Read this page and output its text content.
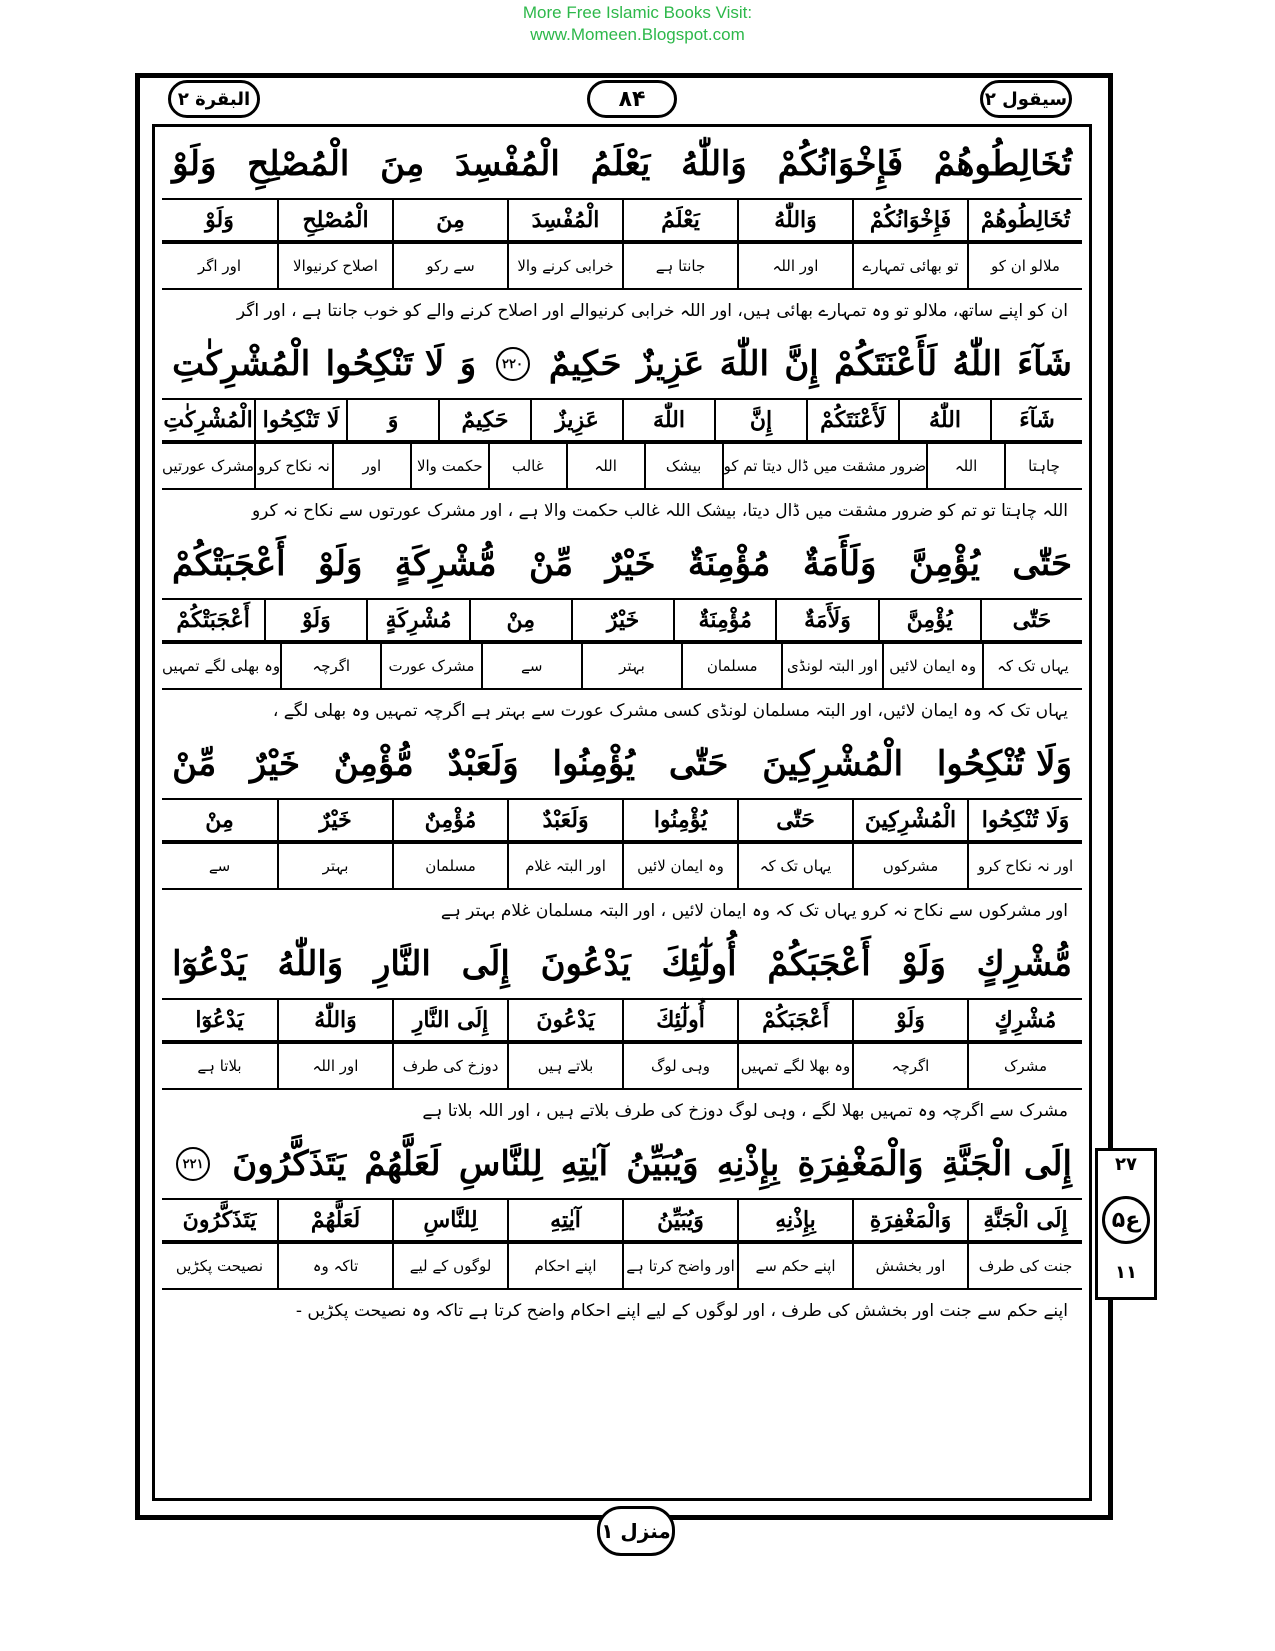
More Free Islamic Books Visit:
www.Momeen.Blogspot.com
البقرة ۲	۸۴	سیقول ۲
۲۷
ع۵
۱۱
منزل ۱
تُخَالِطُوهُمْ
فَإِخْوَانُكُمْ
وَاللّٰهُ
يَعْلَمُ
الْمُفْسِدَ
مِنَ
الْمُصْلِحِ
وَلَوْ
تُخَالِطُوهُمْ
فَإِخْوَانُكُمْ
وَاللّٰهُ
يَعْلَمُ
الْمُفْسِدَ
مِنَ
الْمُصْلِحِ
وَلَوْ
ملالو ان کو
تو بھائی تمہارے
اور اللہ
جانتا ہے
خرابی کرنے والا
سے رکو
اصلاح کرنیوالا
اور اگر
ان کو اپنے ساتھ، ملالو تو وہ تمہارے بھائی ہیں، اور اللہ خرابی کرنیوالے اور اصلاح کرنے والے کو خوب جانتا ہے ، اور اگر
شَآءَ
اللّٰهُ
لَأَعْنَتَكُمْ
إِنَّ
اللّٰهَ
عَزِيزٌ
حَكِيمٌ
۲۲۰
وَ
لَا تَنْكِحُوا
الْمُشْرِكٰتِ
شَآءَ
اللّٰهُ
لَأَعْنَتَكُمْ
إِنَّ
اللّٰهَ
عَزِيزٌ
حَكِيمٌ
وَ
لَا تَنْكِحُوا
الْمُشْرِكٰتِ
چاہتا
اللہ
ضرور مشقت میں ڈال دیتا تم کو
بیشک
اللہ
غالب
حکمت والا
اور
نہ نکاح کرو
مشرک عورتیں
اللہ چاہتا تو تم کو ضرور مشقت میں ڈال دیتا، بیشک اللہ غالب حکمت والا ہے ، اور مشرک عورتوں سے نکاح نہ کرو
حَتّٰى
يُؤْمِنَّ
وَلَأَمَةٌ
مُؤْمِنَةٌ
خَيْرٌ
مِّنْ
مُّشْرِكَةٍ
وَلَوْ
أَعْجَبَتْكُمْ
حَتّٰى
يُؤْمِنَّ
وَلَأَمَةٌ
مُؤْمِنَةٌ
خَيْرٌ
مِنْ
مُشْرِكَةٍ
وَلَوْ
أَعْجَبَتْكُمْ
یہاں تک کہ
وہ ایمان لائیں
اور البتہ لونڈی
مسلمان
بہتر
سے
مشرک عورت
اگرچہ
وہ بھلی لگے تمہیں
یہاں تک کہ وہ ایمان لائیں، اور البتہ مسلمان لونڈی کسی مشرک عورت سے بہتر ہے اگرچہ تمہیں وہ بھلی لگے ،
وَلَا تُنْكِحُوا
الْمُشْرِكِينَ
حَتّٰى
يُؤْمِنُوا
وَلَعَبْدٌ
مُّؤْمِنٌ
خَيْرٌ
مِّنْ
وَلَا تُنْكِحُوا
الْمُشْرِكِينَ
حَتّٰى
يُؤْمِنُوا
وَلَعَبْدٌ
مُؤْمِنٌ
خَيْرٌ
مِنْ
اور نہ نکاح کرو
مشرکوں
یہاں تک کہ
وہ ایمان لائیں
اور البتہ غلام
مسلمان
بہتر
سے
اور مشرکوں سے نکاح نہ کرو یہاں تک کہ وہ ایمان لائیں ، اور البتہ مسلمان غلام بہتر ہے
مُّشْرِكٍ
وَلَوْ
أَعْجَبَكُمْ
أُولٰٓئِكَ
يَدْعُونَ
إِلَى
النَّارِ
وَاللّٰهُ
يَدْعُوٓا
مُشْرِكٍ
وَلَوْ
أَعْجَبَكُمْ
أُولٰٓئِكَ
يَدْعُونَ
إِلَى النَّارِ
وَاللّٰهُ
يَدْعُوٓا
مشرک
اگرچہ
وہ بھلا لگے تمہیں
وہی لوگ
بلاتے ہیں
دوزخ کی طرف
اور اللہ
بلاتا ہے
مشرک سے اگرچہ وہ تمہیں بھلا لگے ، وہی لوگ دوزخ کی طرف بلاتے ہیں ، اور اللہ بلاتا ہے
إِلَى الْجَنَّةِ
وَالْمَغْفِرَةِ
بِإِذْنِهِ
وَيُبَيِّنُ
آيٰتِهِ
لِلنَّاسِ
لَعَلَّهُمْ
يَتَذَكَّرُونَ
۲۲۱
إِلَى الْجَنَّةِ
وَالْمَغْفِرَةِ
بِإِذْنِهِ
وَيُبَيِّنُ
آيٰتِهِ
لِلنَّاسِ
لَعَلَّهُمْ
يَتَذَكَّرُونَ
جنت کی طرف
اور بخشش
اپنے حکم سے
اور واضح کرتا ہے
اپنے احکام
لوگوں کے لیے
تاکہ وہ
نصیحت پکڑیں
اپنے حکم سے جنت اور بخشش کی طرف ، اور لوگوں کے لیے اپنے احکام واضح کرتا ہے تاکہ وہ نصیحت پکڑیں -
